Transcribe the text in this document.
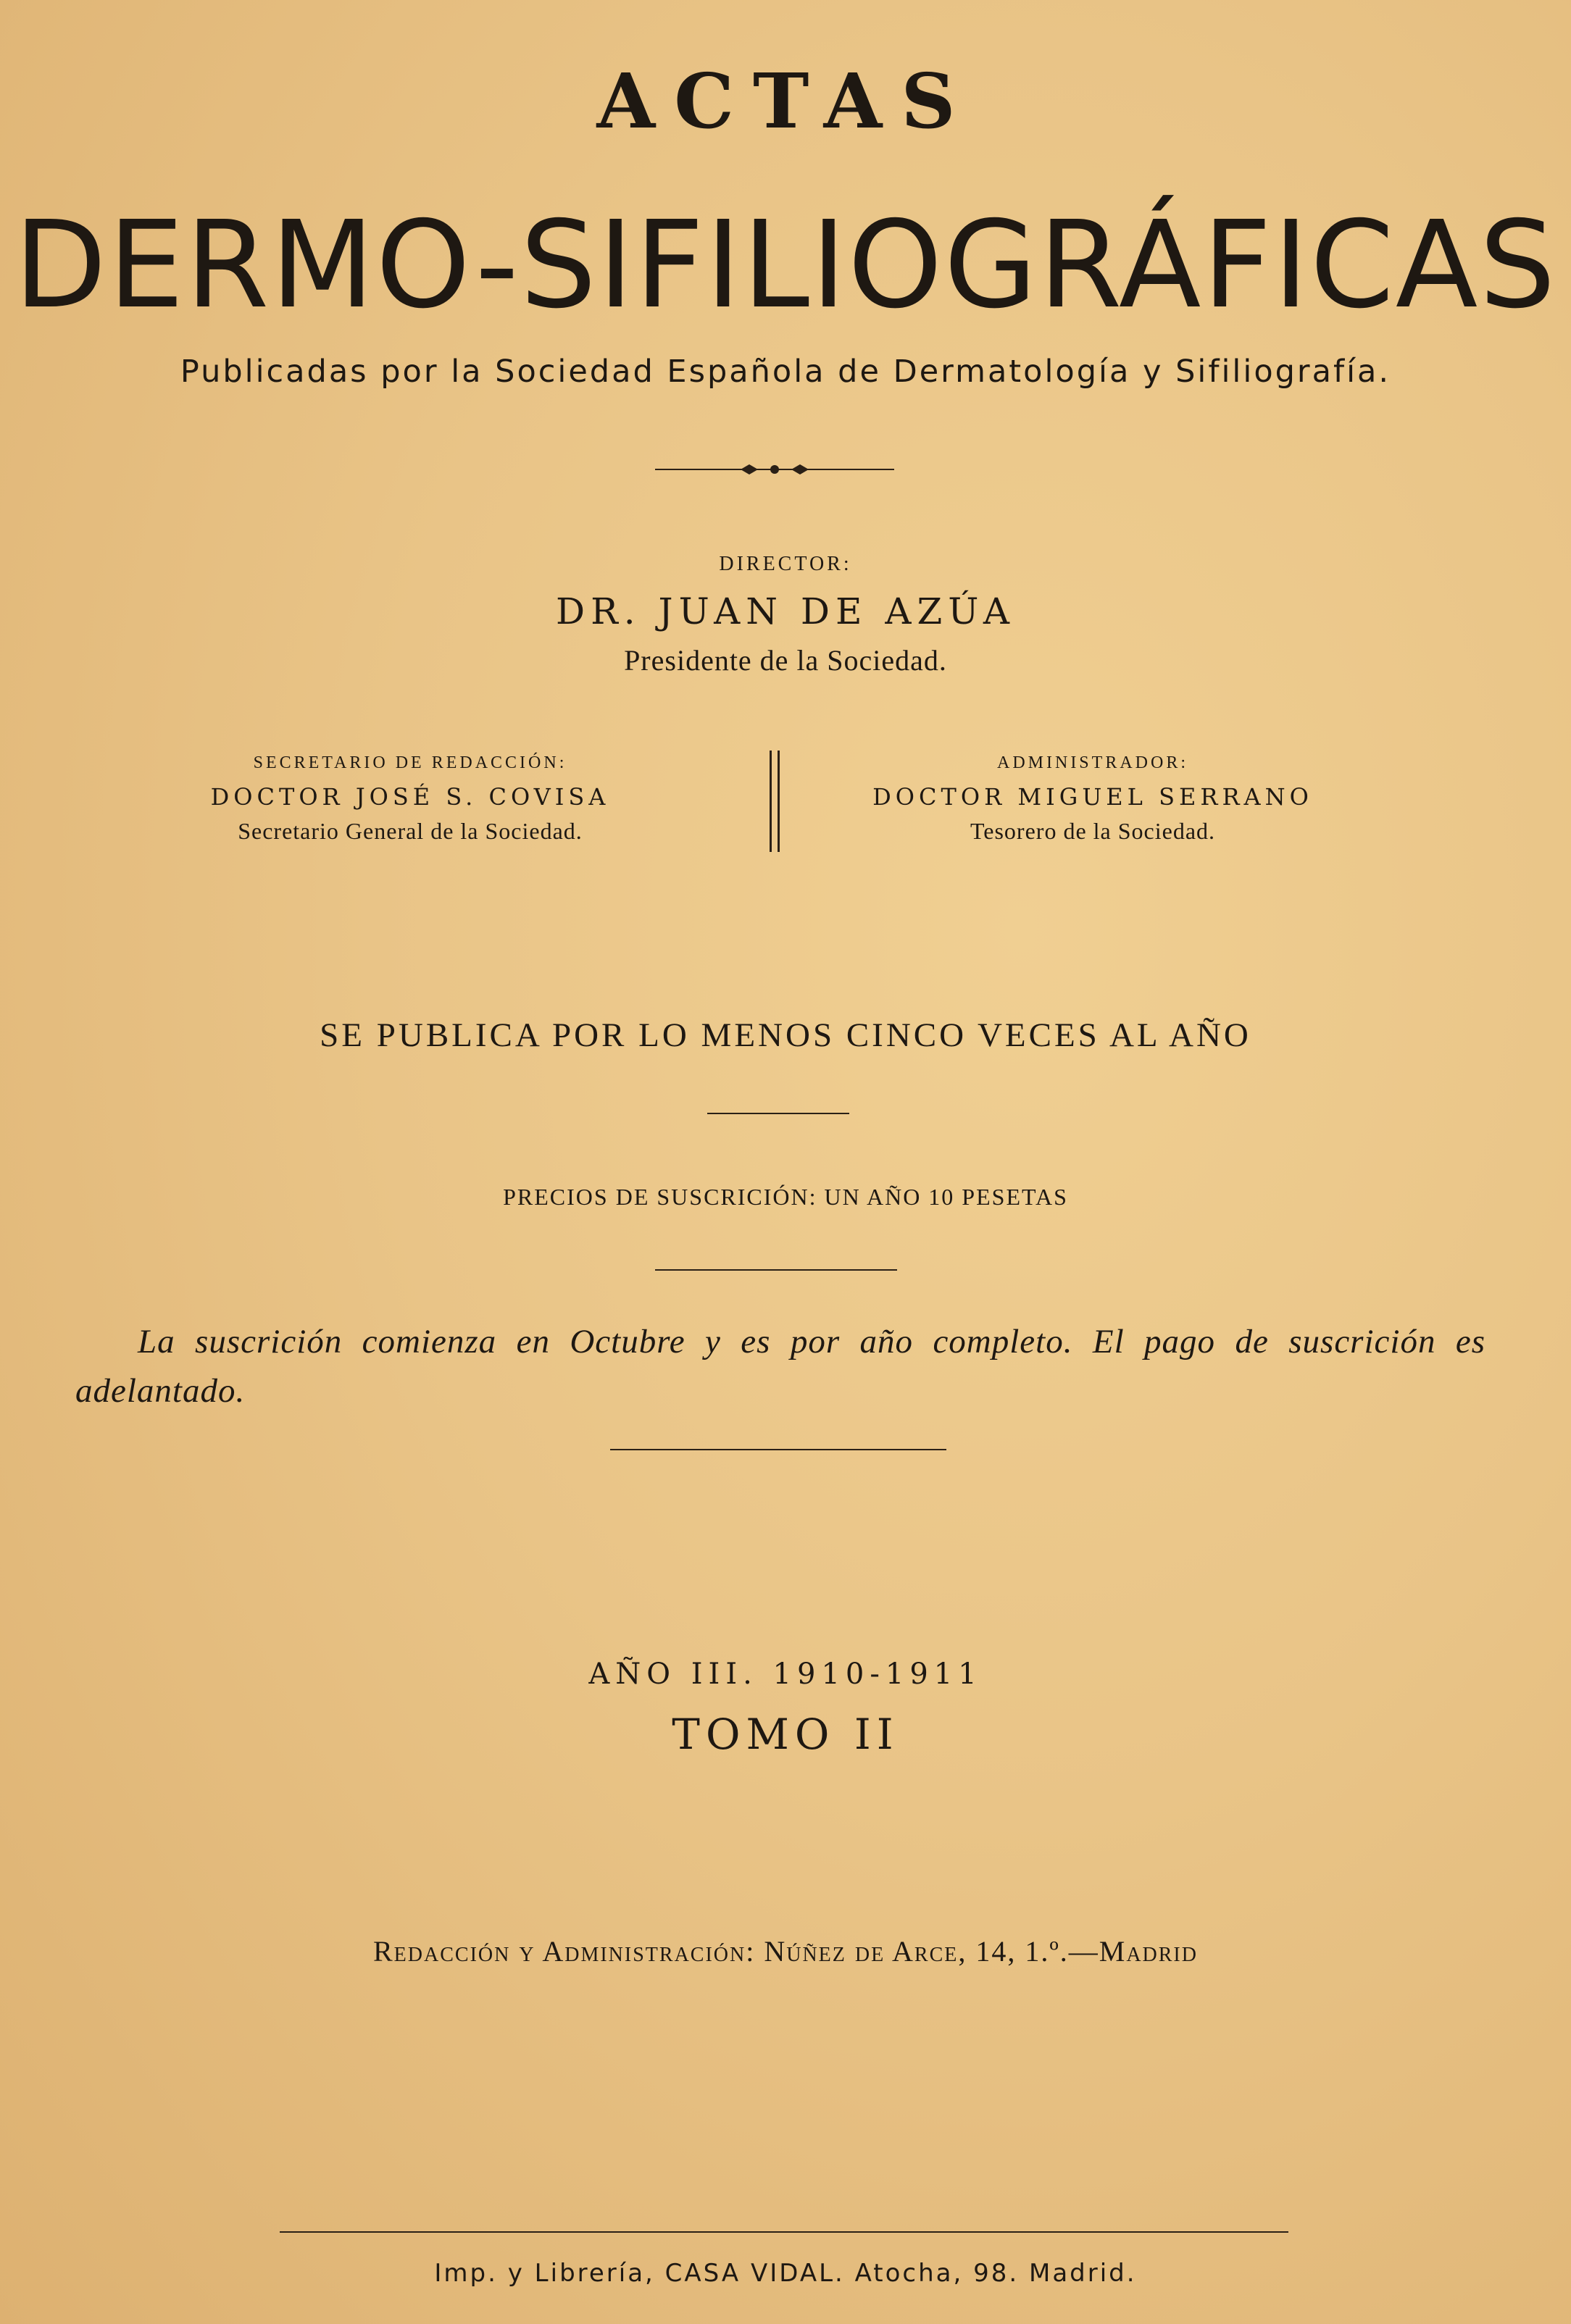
ACTAS
DERMO-SIFILIOGRÁFICAS
Publicadas por la Sociedad Española de Dermatología y Sifiliografía.
DIRECTOR:
DR. JUAN DE AZÚA
Presidente de la Sociedad.
SECRETARIO DE REDACCIÓN:
DOCTOR JOSÉ S. COVISA
Secretario General de la Sociedad.
ADMINISTRADOR:
DOCTOR MIGUEL SERRANO
Tesorero de la Sociedad.
SE PUBLICA POR LO MENOS CINCO VECES AL AÑO
PRECIOS DE SUSCRICIÓN: UN AÑO 10 PESETAS
La suscrición comienza en Octubre y es por año completo. El pago de suscrición es adelantado.
AÑO III. 1910-1911
TOMO II
Redacción y Administración: Núñez de Arce, 14, 1.º.—Madrid
Imp. y Librería, CASA VIDAL. Atocha, 98. Madrid.
